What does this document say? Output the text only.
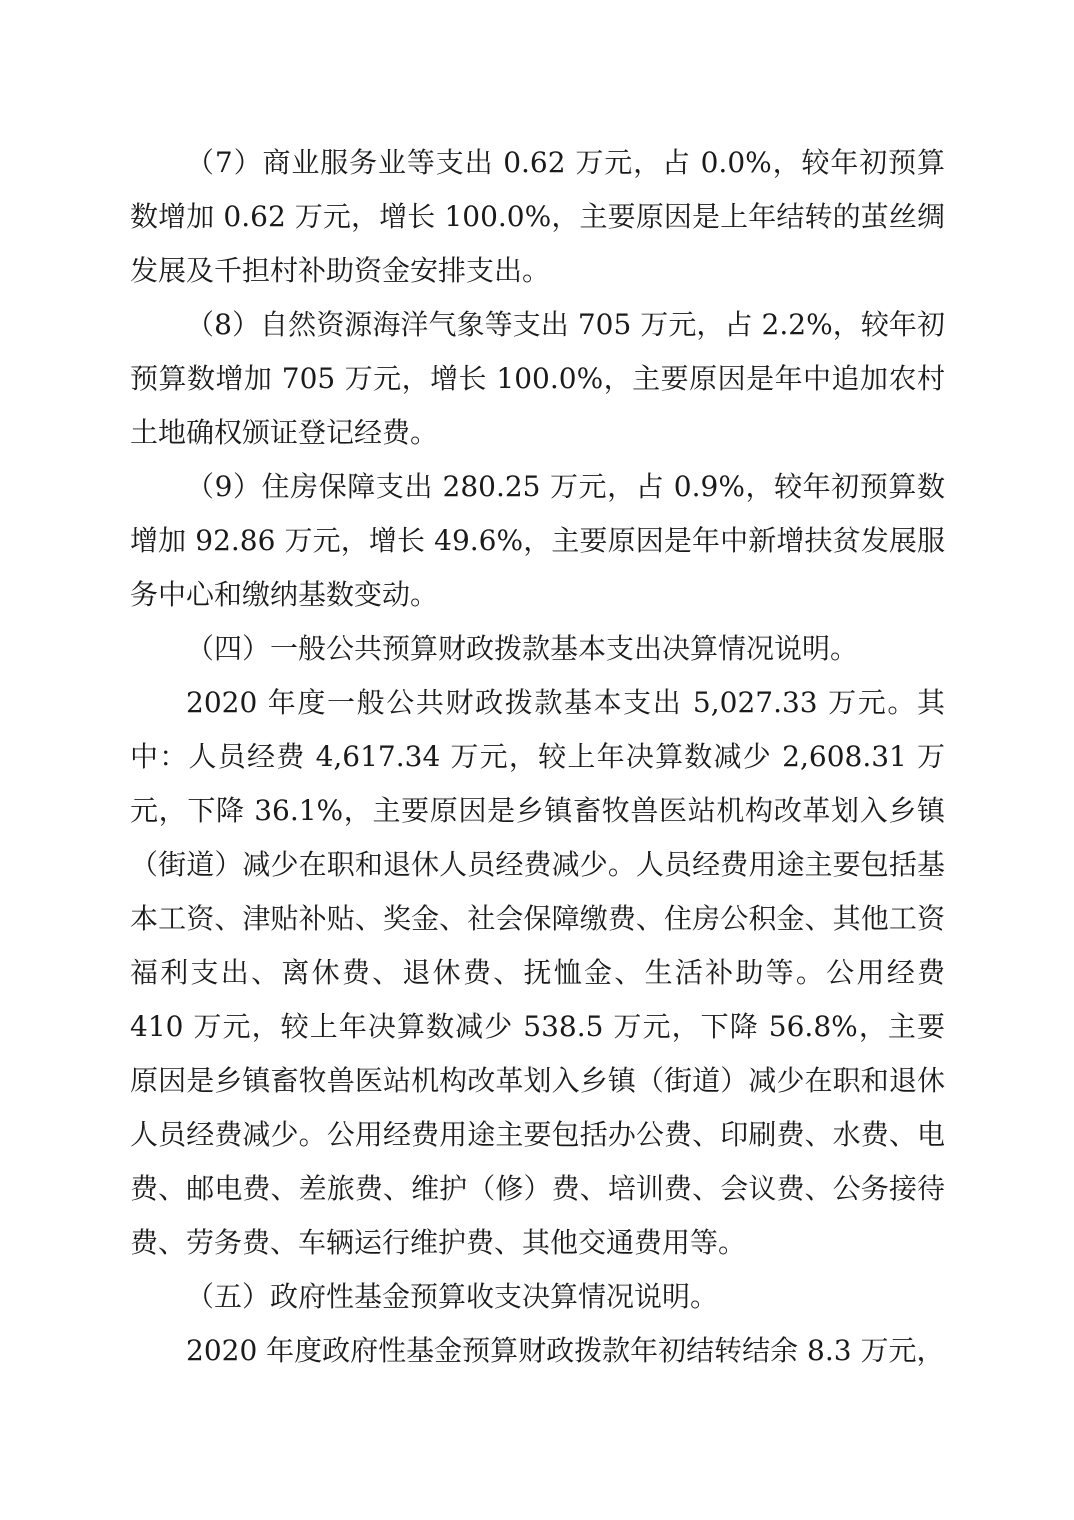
（7）商业服务业等支出 0.62 万元，占 0.0%，较年初预算数增加 0.62 万元，增长 100.0%，主要原因是上年结转的茧丝绸发展及千担村补助资金安排支出。

（8）自然资源海洋气象等支出 705 万元，占 2.2%，较年初预算数增加 705 万元，增长 100.0%，主要原因是年中追加农村土地确权颁证登记经费。

（9）住房保障支出 280.25 万元，占 0.9%，较年初预算数增加 92.86 万元，增长 49.6%，主要原因是年中新增扶贫发展服务中心和缴纳基数变动。

（四）一般公共预算财政拨款基本支出决算情况说明。

2020 年度一般公共财政拨款基本支出 5,027.33 万元。其中：人员经费 4,617.34 万元，较上年决算数减少 2,608.31 万元，下降 36.1%，主要原因是乡镇畜牧兽医站机构改革划入乡镇（街道）减少在职和退休人员经费减少。人员经费用途主要包括基本工资、津贴补贴、奖金、社会保障缴费、住房公积金、其他工资福利支出、离休费、退休费、抚恤金、生活补助等。公用经费 410 万元，较上年决算数减少 538.5 万元，下降 56.8%，主要原因是乡镇畜牧兽医站机构改革划入乡镇（街道）减少在职和退休人员经费减少。公用经费用途主要包括办公费、印刷费、水费、电费、邮电费、差旅费、维护（修）费、培训费、会议费、公务接待费、劳务费、车辆运行维护费、其他交通费用等。

（五）政府性基金预算收支决算情况说明。

2020 年度政府性基金预算财政拨款年初结转结余 8.3 万元，
